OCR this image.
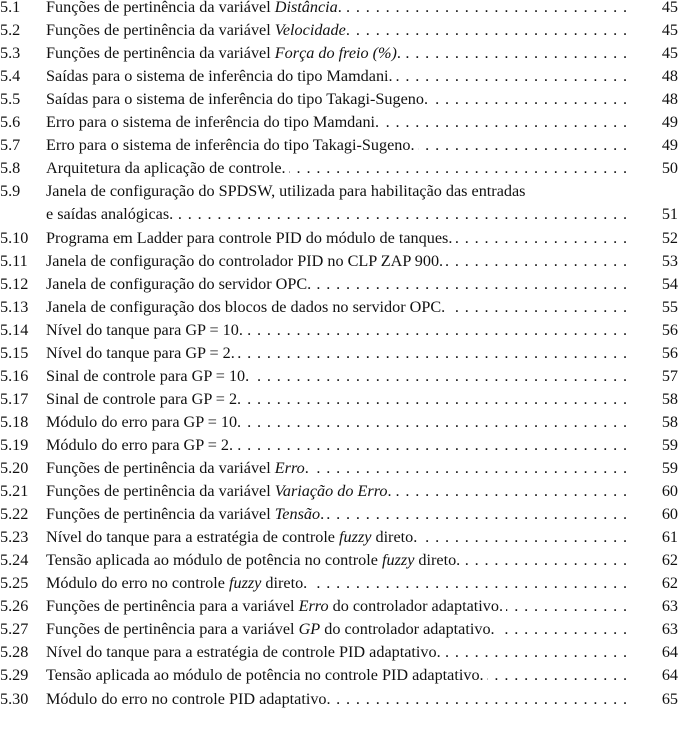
5.1 Funções de pertinência da variável Distância. . . .	45
5.2 Funções de pertinência da variável Velocidade. . . .	45
5.3 Funções de pertinência da variável Força do freio (%). . . .	45
5.4 Saídas para o sistema de inferência do tipo Mamdani. . . .	48
5.5 Saídas para o sistema de inferência do tipo Takagi-Sugeno. . . .	48
5.6 Erro para o sistema de inferência do tipo Mamdani. . . .	49
5.7 Erro para o sistema de inferência do tipo Takagi-Sugeno. . . .	49
5.8 Arquitetura da aplicação de controle. . . .	50
5.9 Janela de configuração do SPDSW, utilizada para habilitação das entradas
e saídas analógicas. . . .	51
5.10 Programa em Ladder para controle PID do módulo de tanques. . . .	52
5.11 Janela de configuração do controlador PID no CLP ZAP 900. . . .	53
5.12 Janela de configuração do servidor OPC. . . .	54
5.13 Janela de configuração dos blocos de dados no servidor OPC. . . .	55
5.14 Nível do tanque para GP = 10. . . .	56
5.15 Nível do tanque para GP = 2. . . .	56
5.16 Sinal de controle para GP = 10. . . .	57
5.17 Sinal de controle para GP = 2. . . .	58
5.18 Módulo do erro para GP = 10. . . .	58
5.19 Módulo do erro para GP = 2. . . .	59
5.20 Funções de pertinência da variável Erro. . . .	59
5.21 Funções de pertinência da variável Variação do Erro. . . .	60
5.22 Funções de pertinência da variável Tensão. . . .	60
5.23 Nível do tanque para a estratégia de controle fuzzy direto. . . .	61
5.24 Tensão aplicada ao módulo de potência no controle fuzzy direto. . . .	62
5.25 Módulo do erro no controle fuzzy direto. . . .	62
5.26 Funções de pertinência para a variável Erro do controlador adaptativo. . . .	63
5.27 Funções de pertinência para a variável GP do controlador adaptativo. . . .	63
5.28 Nível do tanque para a estratégia de controle PID adaptativo. . . .	64
5.29 Tensão aplicada ao módulo de potência no controle PID adaptativo. . . .	64
5.30 Módulo do erro no controle PID adaptativo. . . .	65
